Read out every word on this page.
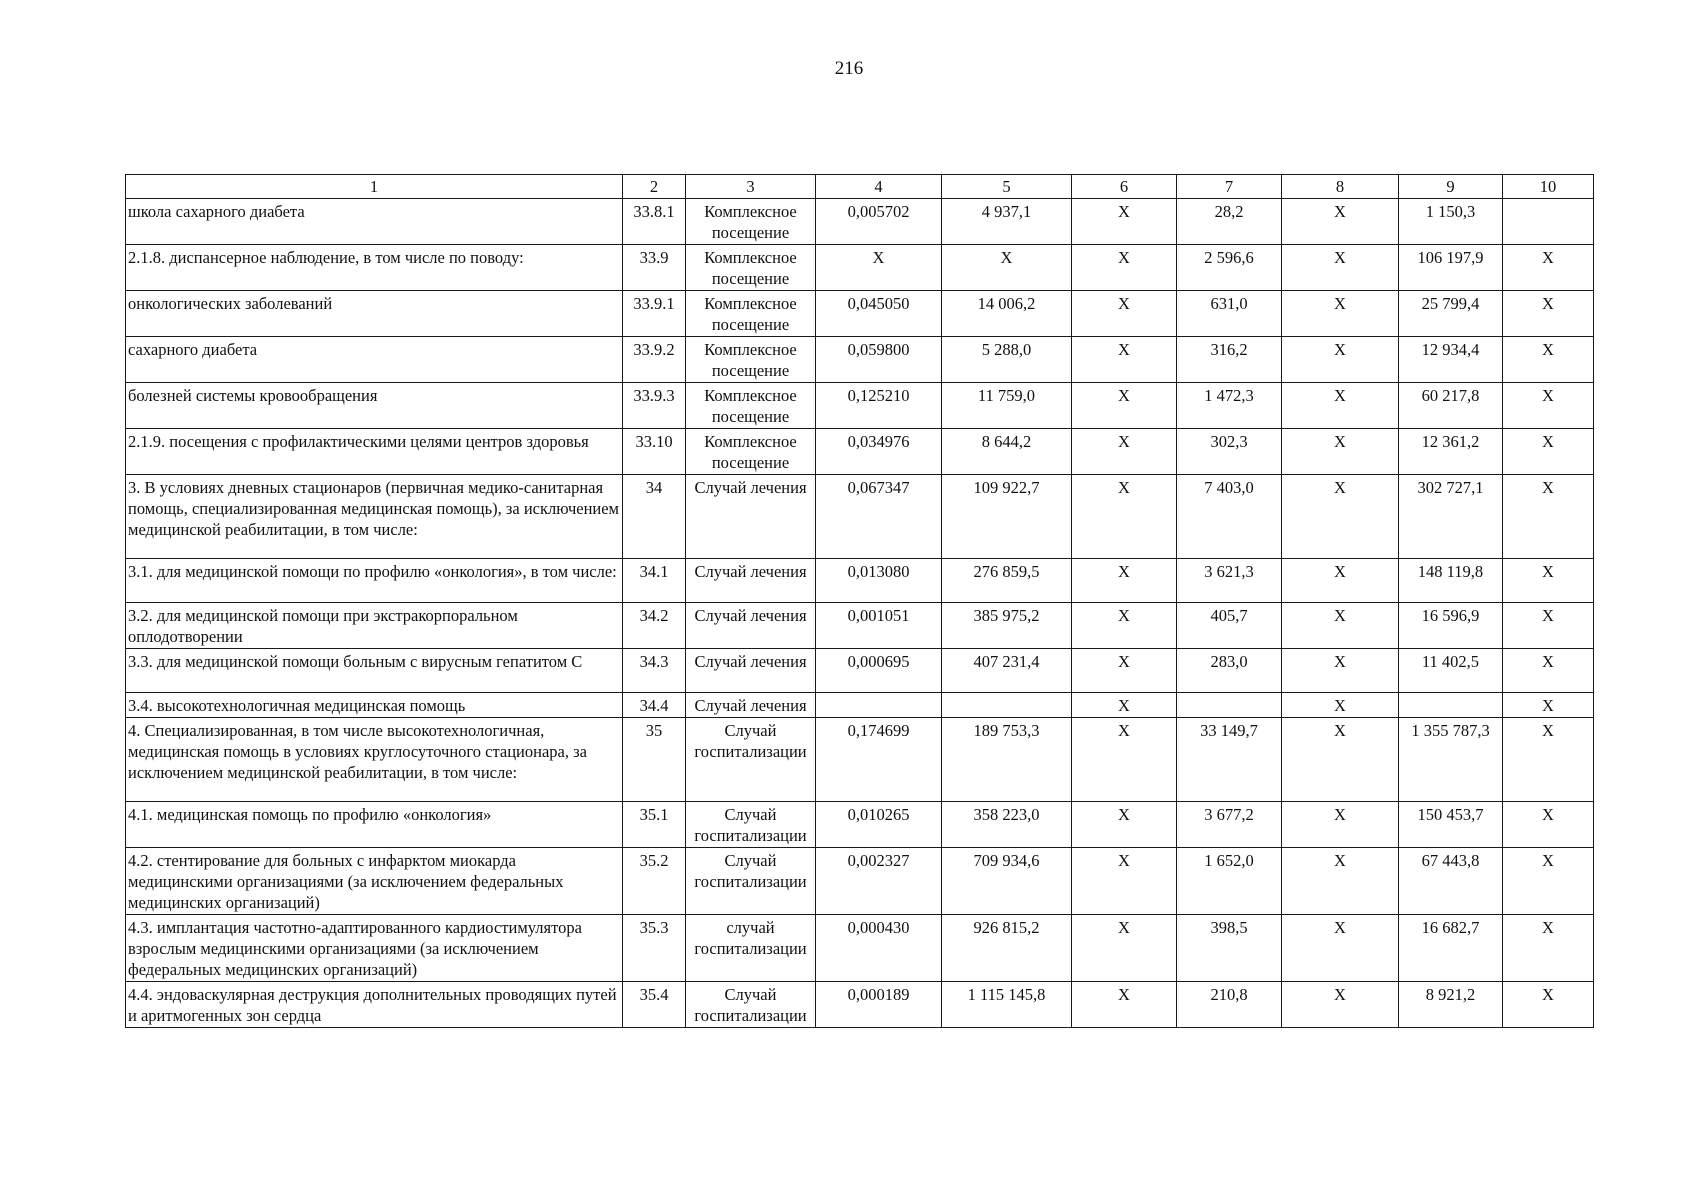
216
1	2	3	4	5	6	7	8	9	10
школа сахарного диабета	33.8.1	Комплексное посещение	0,005702	4 937,1	X	28,2	X	1 150,3	
2.1.8. диспансерное наблюдение, в том числе по поводу:	33.9	Комплексное посещение	X	X	X	2 596,6	X	106 197,9	X
онкологических заболеваний	33.9.1	Комплексное посещение	0,045050	14 006,2	X	631,0	X	25 799,4	X
сахарного диабета	33.9.2	Комплексное посещение	0,059800	5 288,0	X	316,2	X	12 934,4	X
болезней системы кровообращения	33.9.3	Комплексное посещение	0,125210	11 759,0	X	1 472,3	X	60 217,8	X
2.1.9. посещения с профилактическими целями центров здоровья	33.10	Комплексное посещение	0,034976	8 644,2	X	302,3	X	12 361,2	X
3. В условиях дневных стационаров (первичная медико-санитарная помощь, специализированная медицинская помощь), за исключением медицинской реабилитации, в том числе:	34	Случай лечения	0,067347	109 922,7	X	7 403,0	X	302 727,1	X
3.1. для медицинской помощи по профилю «онкология», в том числе:	34.1	Случай лечения	0,013080	276 859,5	X	3 621,3	X	148 119,8	X
3.2. для медицинской помощи при экстракорпоральном оплодотворении	34.2	Случай лечения	0,001051	385 975,2	X	405,7	X	16 596,9	X
3.3. для медицинской помощи больным с вирусным гепатитом С	34.3	Случай лечения	0,000695	407 231,4	X	283,0	X	11 402,5	X
3.4. высокотехнологичная медицинская помощь	34.4	Случай лечения			X		X		X
4. Специализированная, в том числе высокотехнологичная, медицинская помощь в условиях круглосуточного стационара, за исключением медицинской реабилитации, в том числе:	35	Случай госпитализации	0,174699	189 753,3	X	33 149,7	X	1 355 787,3	X
4.1. медицинская помощь по профилю «онкология»	35.1	Случай госпитализации	0,010265	358 223,0	X	3 677,2	X	150 453,7	X
4.2. стентирование для больных с инфарктом миокарда медицинскими организациями (за исключением федеральных медицинских организаций)	35.2	Случай госпитализации	0,002327	709 934,6	X	1 652,0	X	67 443,8	X
4.3. имплантация частотно-адаптированного кардиостимулятора взрослым медицинскими организациями (за исключением федеральных медицинских организаций)	35.3	случай госпитализации	0,000430	926 815,2	X	398,5	X	16 682,7	X
4.4. эндоваскулярная деструкция дополнительных проводящих путей и аритмогенных зон сердца	35.4	Случай госпитализации	0,000189	1 115 145,8	X	210,8	X	8 921,2	X
